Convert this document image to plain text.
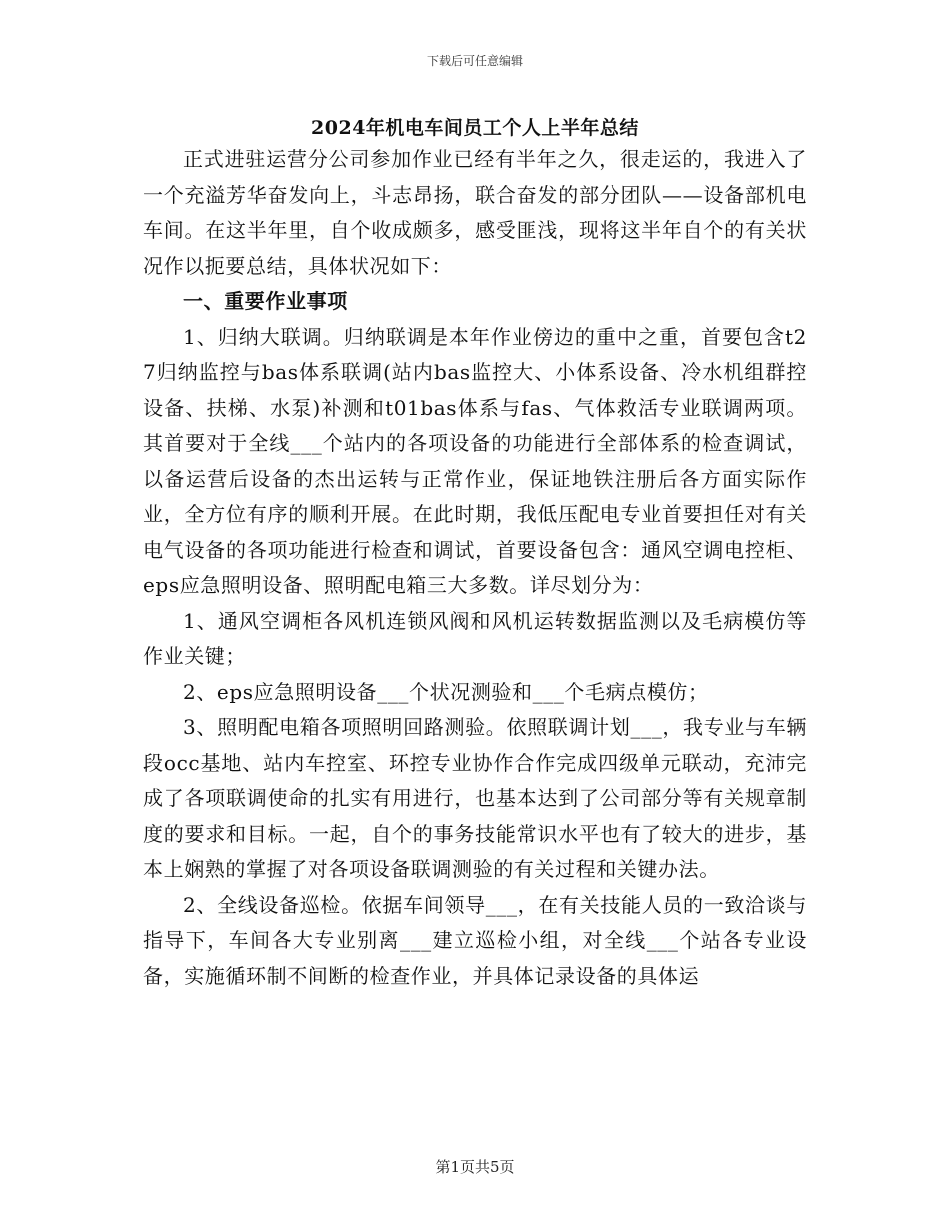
下载后可任意编辑
2024年机电车间员工个人上半年总结

正式进驻运营分公司参加作业已经有半年之久，很走运的，我进入了一个充溢芳华奋发向上，斗志昂扬，联合奋发的部分团队——设备部机电车间。在这半年里，自个收成颇多，感受匪浅，现将这半年自个的有关状况作以扼要总结，具体状况如下：

一、重要作业事项

1、归纳大联调。归纳联调是本年作业傍边的重中之重，首要包含t27归纳监控与bas体系联调(站内bas监控大、小体系设备、冷水机组群控设备、扶梯、水泵)补测和t01bas体系与fas、气体救活专业联调两项。其首要对于全线___个站内的各项设备的功能进行全部体系的检查调试，以备运营后设备的杰出运转与正常作业，保证地铁注册后各方面实际作业，全方位有序的顺利开展。在此时期，我低压配电专业首要担任对有关电气设备的各项功能进行检查和调试，首要设备包含：通风空调电控柜、eps应急照明设备、照明配电箱三大多数。详尽划分为：

1、通风空调柜各风机连锁风阀和风机运转数据监测以及毛病模仿等作业关键；

2、eps应急照明设备___个状况测验和___个毛病点模仿；

3、照明配电箱各项照明回路测验。依照联调计划___，我专业与车辆段occ基地、站内车控室、环控专业协作合作完成四级单元联动，充沛完成了各项联调使命的扎实有用进行，也基本达到了公司部分等有关规章制度的要求和目标。一起，自个的事务技能常识水平也有了较大的进步，基本上娴熟的掌握了对各项设备联调测验的有关过程和关键办法。

2、全线设备巡检。依据车间领导___，在有关技能人员的一致洽谈与指导下，车间各大专业别离___建立巡检小组，对全线___个站各专业设备，实施循环制不间断的检查作业，并具体记录设备的具体运

第1页共5页
